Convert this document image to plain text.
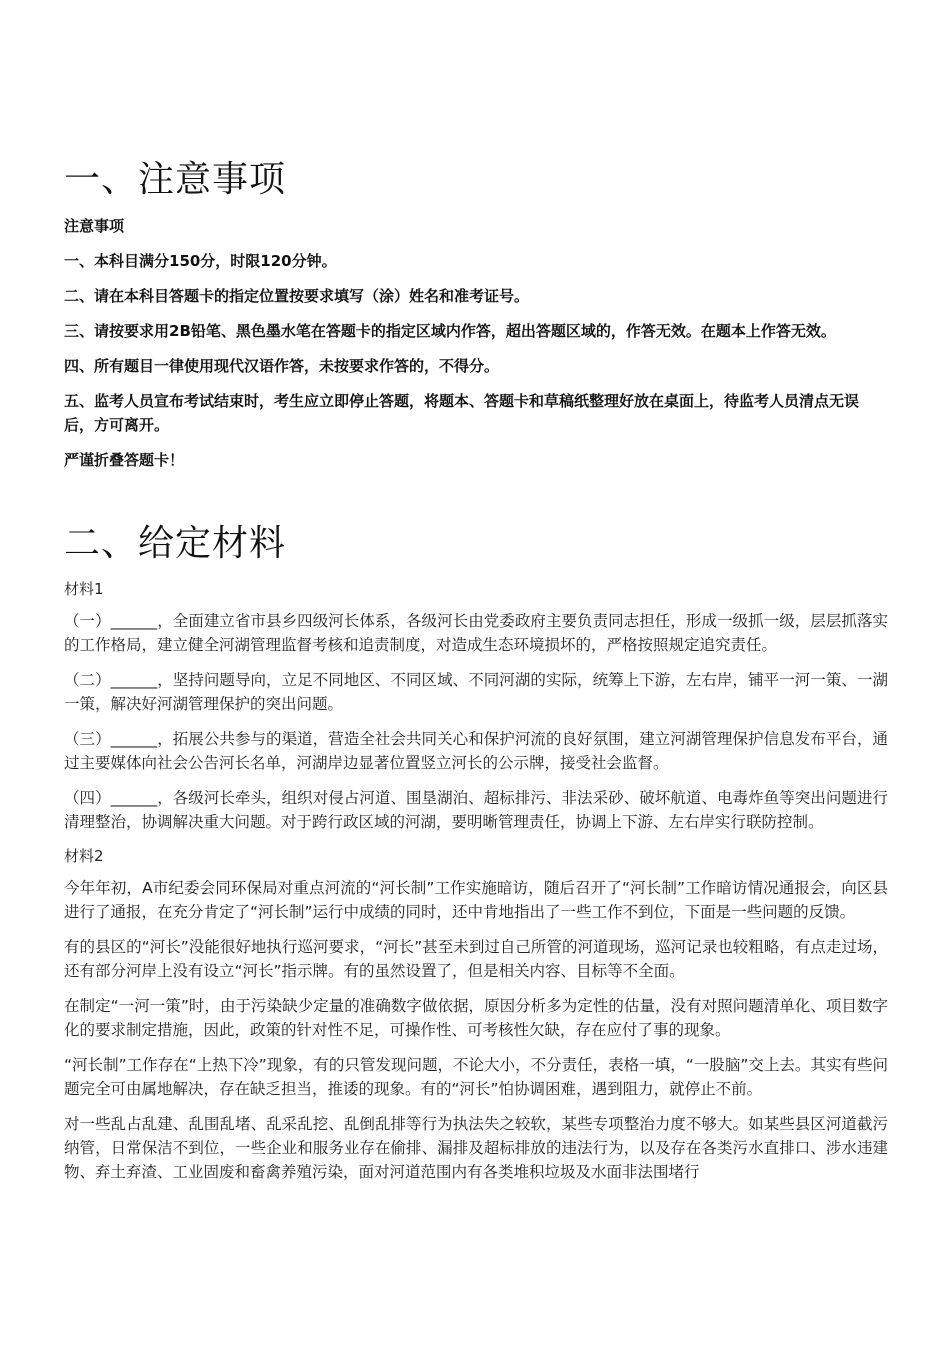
一、注意事项

注意事项

一、本科目满分150分，时限120分钟。

二、请在本科目答题卡的指定位置按要求填写（涂）姓名和准考证号。

三、请按要求用2B铅笔、黑色墨水笔在答题卡的指定区域内作答，超出答题区域的，作答无效。在题本上作答无效。

四、所有题目一律使用现代汉语作答，未按要求作答的，不得分。

五、监考人员宣布考试结束时，考生应立即停止答题，将题本、答题卡和草稿纸整理好放在桌面上，待监考人员清点无误后，方可离开。

严谨折叠答题卡！

二、给定材料

材料1

（一）______，全面建立省市县乡四级河长体系，各级河长由党委政府主要负责同志担任，形成一级抓一级，层层抓落实的工作格局，建立健全河湖管理监督考核和追责制度，对造成生态环境损坏的，严格按照规定追究责任。

（二）______，坚持问题导向，立足不同地区、不同区域、不同河湖的实际，统筹上下游，左右岸，铺平一河一策、一湖一策，解决好河湖管理保护的突出问题。

（三）______，拓展公共参与的渠道，营造全社会共同关心和保护河流的良好氛围，建立河湖管理保护信息发布平台，通过主要媒体向社会公告河长名单，河湖岸边显著位置竖立河长的公示牌，接受社会监督。

（四）______，各级河长牵头，组织对侵占河道、围垦湖泊、超标排污、非法采砂、破坏航道、电毒炸鱼等突出问题进行清理整治，协调解决重大问题。对于跨行政区域的河湖，要明晰管理责任，协调上下游、左右岸实行联防控制。

材料2

今年年初，A市纪委会同环保局对重点河流的“河长制”工作实施暗访，随后召开了“河长制”工作暗访情况通报会，向区县进行了通报，在充分肯定了“河长制”运行中成绩的同时，还中肯地指出了一些工作不到位，下面是一些问题的反馈。

有的县区的“河长”没能很好地执行巡河要求，“河长”甚至未到过自己所管的河道现场，巡河记录也较粗略，有点走过场，还有部分河岸上没有设立“河长”指示牌。有的虽然设置了，但是相关内容、目标等不全面。

在制定“一河一策”时，由于污染缺少定量的准确数字做依据，原因分析多为定性的估量，没有对照问题清单化、项目数字化的要求制定措施，因此，政策的针对性不足，可操作性、可考核性欠缺，存在应付了事的现象。

“河长制”工作存在“上热下冷”现象，有的只管发现问题，不论大小，不分责任，表格一填，“一股脑”交上去。其实有些问题完全可由属地解决，存在缺乏担当，推诿的现象。有的“河长”怕协调困难，遇到阻力，就停止不前。

对一些乱占乱建、乱围乱堵、乱采乱挖、乱倒乱排等行为执法失之较软，某些专项整治力度不够大。如某些县区河道截污纳管，日常保洁不到位，一些企业和服务业存在偷排、漏排及超标排放的违法行为，以及存在各类污水直排口、涉水违建物、弃土弃渣、工业固废和畜禽养殖污染，面对河道范围内有各类堆积垃圾及水面非法围堵行
